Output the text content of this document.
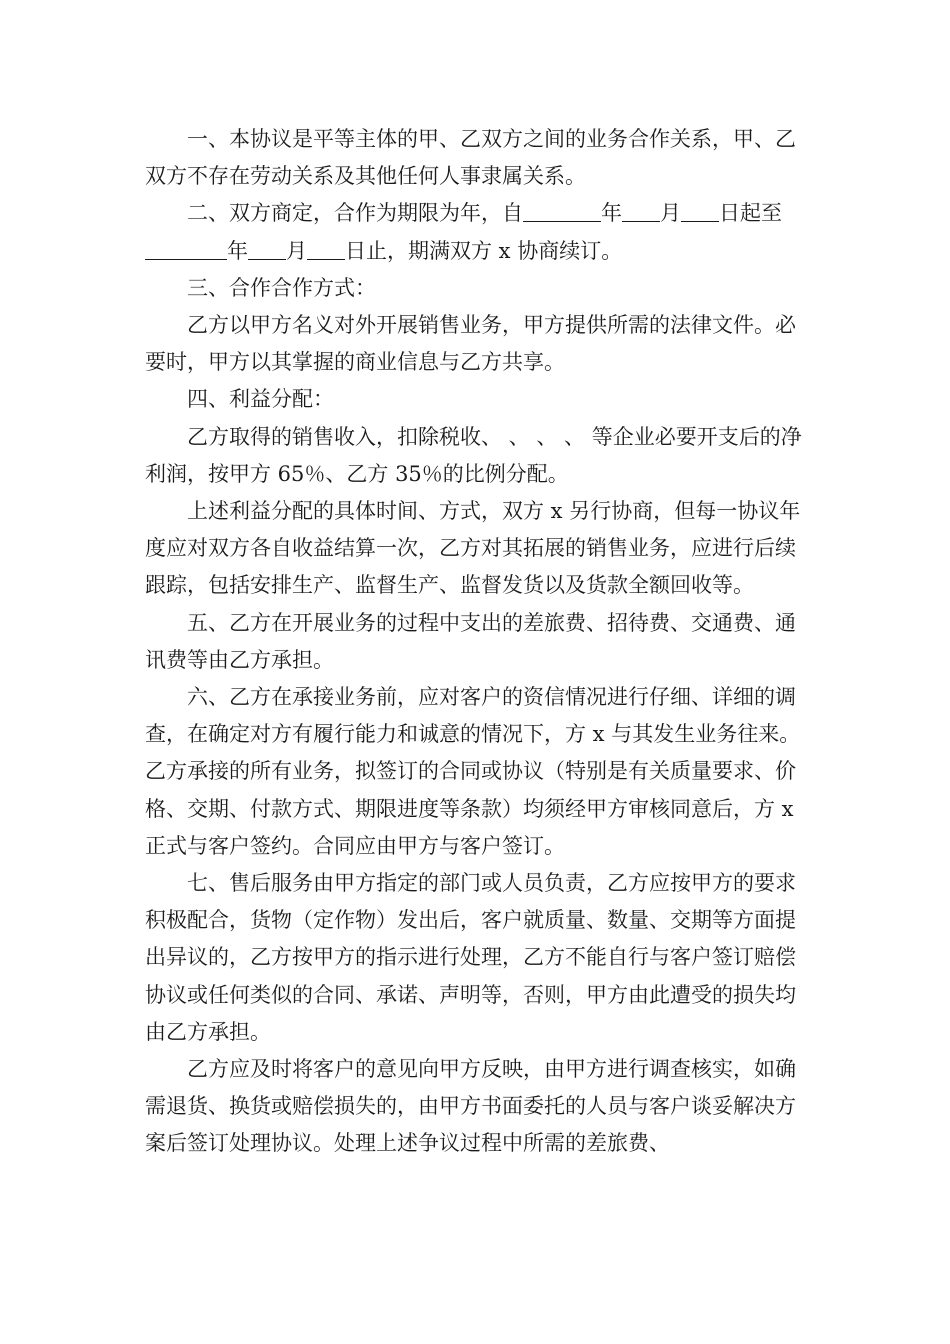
一、本协议是平等主体的甲、乙双方之间的业务合作关系，甲、乙双方不存在劳动关系及其他任何人事隶属关系。

二、双方商定，合作为期限为年，自	年 月 日起至年 月 日止，期满双方 x 协商续订。

三、合作合作方式：

乙方以甲方名义对外开展销售业务，甲方提供所需的法律文件。必要时，甲方以其掌握的商业信息与乙方共享。

四、利益分配：

乙方取得的销售收入，扣除税收、 、 、 、 等企业必要开支后的净利润，按甲方 65％、乙方 35％的比例分配。

上述利益分配的具体时间、方式，双方 x 另行协商，但每一协议年度应对双方各自收益结算一次，乙方对其拓展的销售业务，应进行后续跟踪，包括安排生产、监督生产、监督发货以及货款全额回收等。

五、乙方在开展业务的过程中支出的差旅费、招待费、交通费、通讯费等由乙方承担。

六、乙方在承接业务前，应对客户的资信情况进行仔细、详细的调查，在确定对方有履行能力和诚意的情况下，方 x 与其发生业务往来。乙方承接的所有业务，拟签订的合同或协议（特别是有关质量要求、价格、交期、付款方式、期限进度等条款）均须经甲方审核同意后，方 x 正式与客户签约。合同应由甲方与客户签订。

七、售后服务由甲方指定的部门或人员负责，乙方应按甲方的要求积极配合，货物（定作物）发出后，客户就质量、数量、交期等方面提出异议的，乙方按甲方的指示进行处理，乙方不能自行与客户签订赔偿协议或任何类似的合同、承诺、声明等，否则，甲方由此遭受的损失均由乙方承担。

乙方应及时将客户的意见向甲方反映，由甲方进行调查核实，如确需退货、换货或赔偿损失的，由甲方书面委托的人员与客户谈妥解决方案后签订处理协议。处理上述争议过程中所需的差旅费、
